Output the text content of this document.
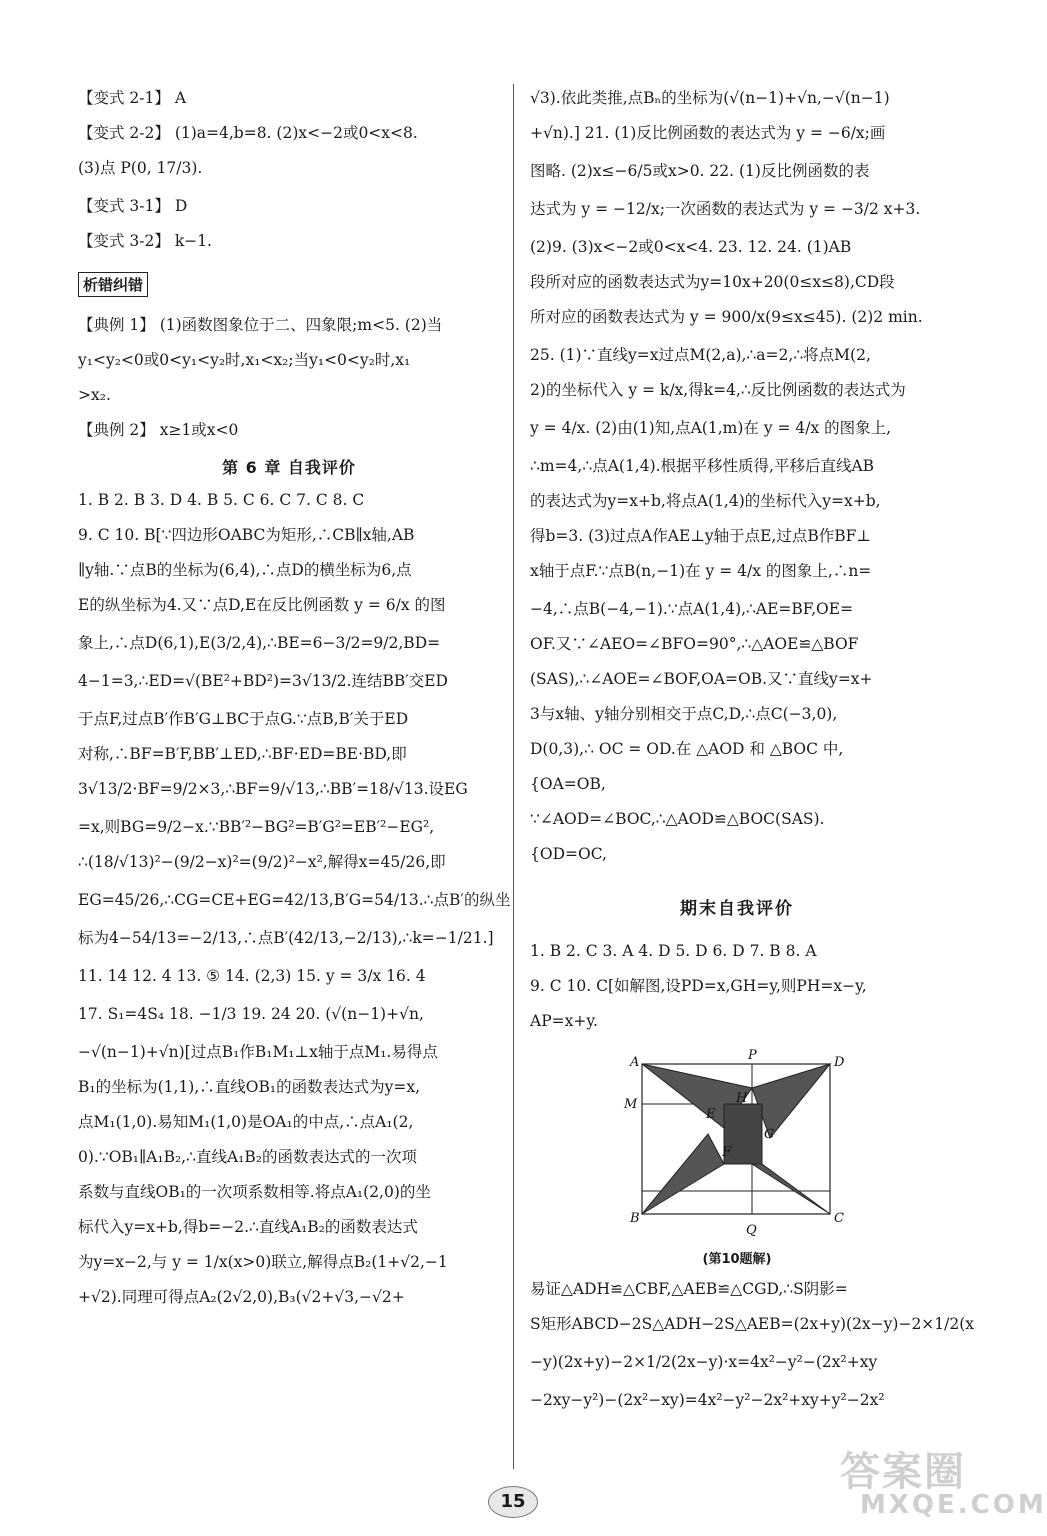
【变式 2-1】 A
【变式 2-2】 (1)a=4,b=8. (2)x<−2或0<x<8.
(3)点 P(0, 17/3).
【变式 3-1】 D
【变式 3-2】 k−1.
析错纠错
【典例 1】 (1)函数图象位于二、四象限;m<5. (2)当
y₁<y₂<0或0<y₁<y₂时,x₁<x₂;当y₁<0<y₂时,x₁
>x₂.
【典例 2】 x≥1或x<0
第 6 章 自我评价
1. B 2. B 3. D 4. B 5. C 6. C 7. C 8. C
9. C 10. B[∵四边形OABC为矩形,∴CB∥x轴,AB
∥y轴.∵点B的坐标为(6,4),∴点D的横坐标为6,点
E的纵坐标为4.又∵点D,E在反比例函数 y = 6/x 的图
象上,∴点D(6,1),E(3/2,4),∴BE=6−3/2=9/2,BD=
4−1=3,∴ED=√(BE²+BD²)=3√13/2.连结BB′交ED
于点F,过点B′作B′G⊥BC于点G.∵点B,B′关于ED
对称,∴BF=B′F,BB′⊥ED,∴BF·ED=BE·BD,即
3√13/2·BF=9/2×3,∴BF=9/√13,∴BB′=18/√13.设EG
=x,则BG=9/2−x.∵BB′²−BG²=B′G²=EB′²−EG²,
∴(18/√13)²−(9/2−x)²=(9/2)²−x²,解得x=45/26,即
EG=45/26,∴CG=CE+EG=42/13,B′G=54/13.∴点B′的纵坐
标为4−54/13=−2/13,∴点B′(42/13,−2/13),∴k=−1/21.]
11. 14 12. 4 13. ⑤ 14. (2,3) 15. y = 3/x 16. 4
17. S₁=4S₄ 18. −1/3 19. 24 20. (√(n−1)+√n,
−√(n−1)+√n)[过点B₁作B₁M₁⊥x轴于点M₁.易得点
B₁的坐标为(1,1),∴直线OB₁的函数表达式为y=x,
点M₁(1,0).易知M₁(1,0)是OA₁的中点,∴点A₁(2,
0).∵OB₁∥A₁B₂,∴直线A₁B₂的函数表达式的一次项
系数与直线OB₁的一次项系数相等.将点A₁(2,0)的坐
标代入y=x+b,得b=−2.∴直线A₁B₂的函数表达式
为y=x−2,与 y = 1/x(x>0)联立,解得点B₂(1+√2,−1
+√2).同理可得点A₂(2√2,0),B₃(√2+√3,−√2+
√3).依此类推,点Bₙ的坐标为(√(n−1)+√n,−√(n−1)
+√n).] 21. (1)反比例函数的表达式为 y = −6/x;画
图略. (2)x≤−6/5或x>0. 22. (1)反比例函数的表
达式为 y = −12/x;一次函数的表达式为 y = −3/2 x+3.
(2)9. (3)x<−2或0<x<4. 23. 12. 24. (1)AB
段所对应的函数表达式为y=10x+20(0≤x≤8),CD段
所对应的函数表达式为 y = 900/x(9≤x≤45). (2)2 min.
25. (1)∵直线y=x过点M(2,a),∴a=2,∴将点M(2,
2)的坐标代入 y = k/x,得k=4,∴反比例函数的表达式为
y = 4/x. (2)由(1)知,点A(1,m)在 y = 4/x 的图象上,
∴m=4,∴点A(1,4).根据平移性质得,平移后直线AB
的表达式为y=x+b,将点A(1,4)的坐标代入y=x+b,
得b=3. (3)过点A作AE⊥y轴于点E,过点B作BF⊥
x轴于点F.∵点B(n,−1)在 y = 4/x 的图象上,∴n=
−4,∴点B(−4,−1).∵点A(1,4),∴AE=BF,OE=
OF.又∵∠AEO=∠BFO=90°,∴△AOE≌△BOF
(SAS),∴∠AOE=∠BOF,OA=OB.又∵直线y=x+
3与x轴、y轴分别相交于点C,D,∴点C(−3,0),
D(0,3),∴ OC = OD.在 △AOD 和 △BOC 中,
{OA=OB,
∵∠AOD=∠BOC,∴△AOD≌△BOC(SAS).
{OD=OC,
期末自我评价
1. B 2. C 3. A 4. D 5. D 6. D 7. B 8. A
9. C 10. C[如解图,设PD=x,GH=y,则PH=x−y,
AP=x+y.
A	P	D
M	H
E
G
F
B
Q
C
(第10题解)
易证△ADH≌△CBF,△AEB≌△CGD,∴S阴影=
S矩形ABCD−2S△ADH−2S△AEB=(2x+y)(2x−y)−2×1/2(x
−y)(2x+y)−2×1/2(2x−y)·x=4x²−y²−(2x²+xy
−2xy−y²)−(2x²−xy)=4x²−y²−2x²+xy+y²−2x²
15
答案圈
MXQE.COM
